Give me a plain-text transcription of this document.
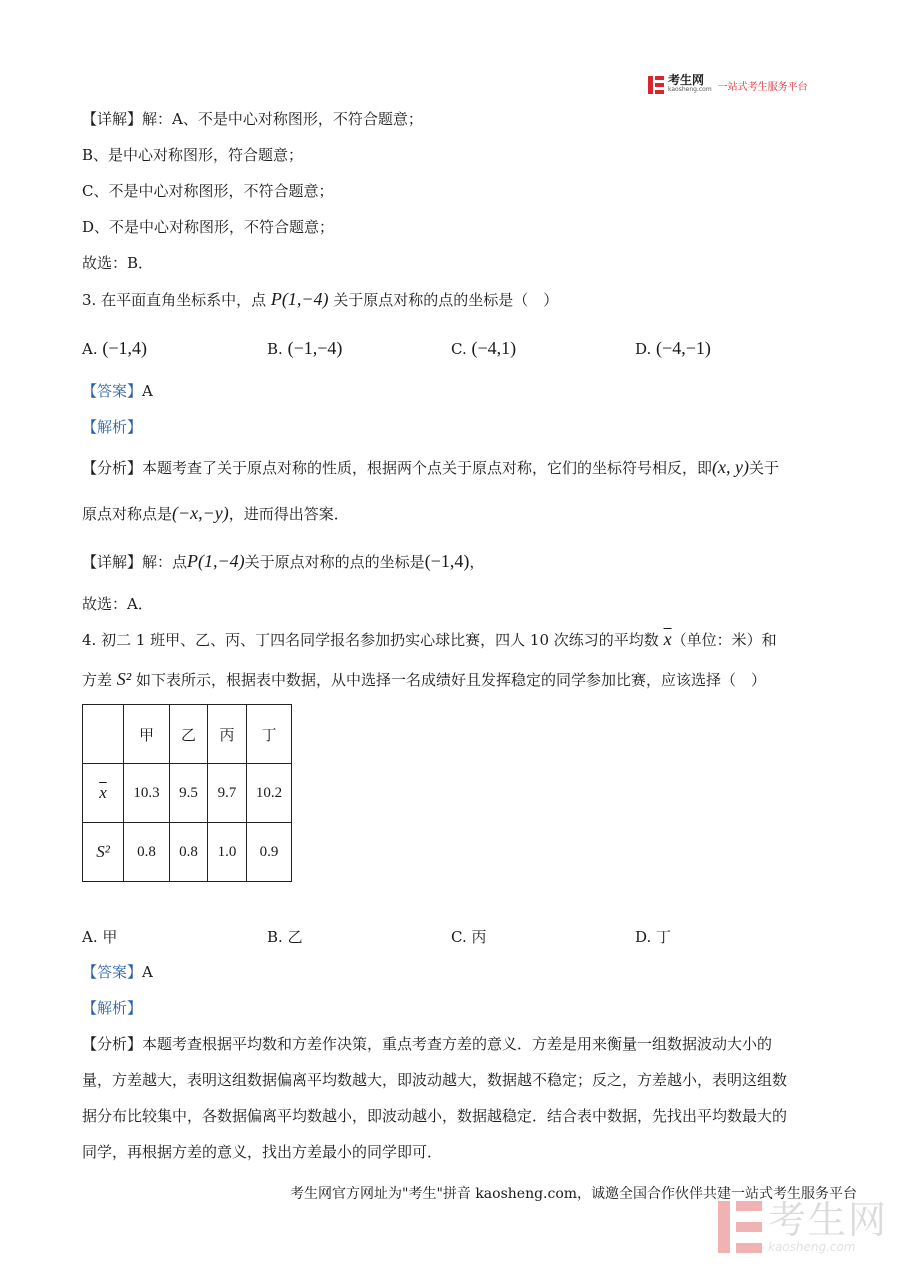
考生网
kaosheng.com 一站式考生服务平台
【详解】解：A、不是中心对称图形，不符合题意；
B、是中心对称图形，符合题意；
C、不是中心对称图形，不符合题意；
D、不是中心对称图形，不符合题意；
故选：B．
3. 在平面直角坐标系中，点 P(1,−4) 关于原点对称的点的坐标是（　）
A. (−1,4)	B. (−1,−4)	C. (−4,1)	D. (−4,−1)
【答案】A
【解析】
【分析】本题考查了关于原点对称的性质，根据两个点关于原点对称，它们的坐标符号相反，即(x, y)关于
原点对称点是(−x,−y)，进而得出答案．
【详解】解：点P(1,−4)关于原点对称的点的坐标是(−1,4)，
故选：A．
4. 初二 1 班甲、乙、丙、丁四名同学报名参加扔实心球比赛，四人 10 次练习的平均数 $\overline{x}$（单位：米）和
方差 S² 如下表所示，根据表中数据，从中选择一名成绩好且发挥稳定的同学参加比赛，应该选择（　）
	甲	乙	丙	丁
$\overline{x}$	10.3	9.5	9.7	10.2
S²	0.8	0.8	1.0	0.9
A. 甲	B. 乙	C. 丙	D. 丁
【答案】A
【解析】
【分析】本题考查根据平均数和方差作决策，重点考查方差的意义．方差是用来衡量一组数据波动大小的
量，方差越大，表明这组数据偏离平均数越大，即波动越大，数据越不稳定；反之，方差越小，表明这组数
据分布比较集中，各数据偏离平均数越小，即波动越小，数据越稳定．结合表中数据，先找出平均数最大的
同学，再根据方差的意义，找出方差最小的同学即可．
考生网官方网址为"考生"拼音 kaosheng.com，诚邀全国合作伙伴共建一站式考生服务平台
考生网
kaosheng.com
